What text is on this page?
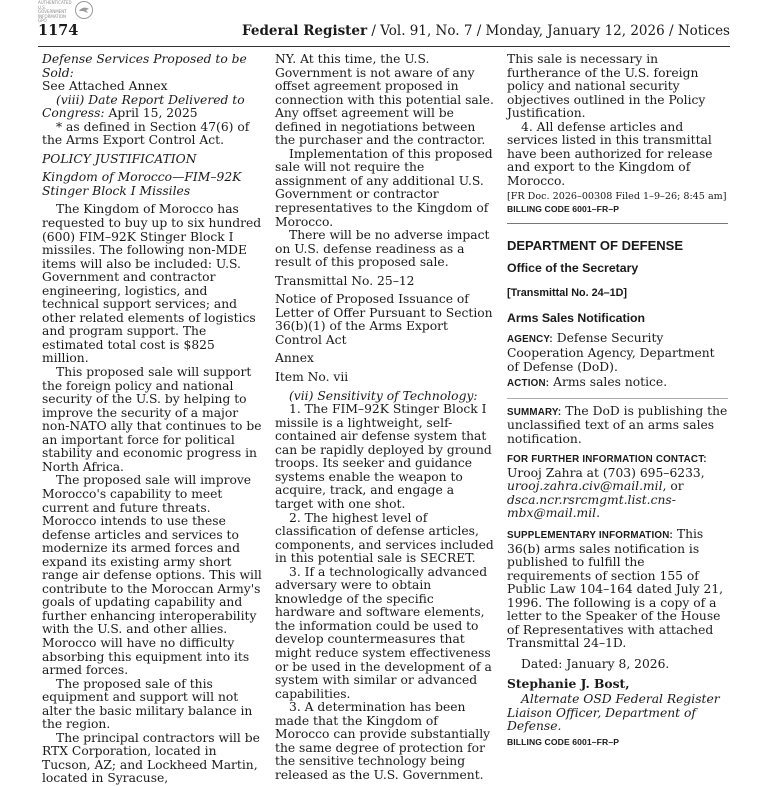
AUTHENTICATED U.S. GOVERNMENT INFORMATION GPO
1174	Federal Register / Vol. 91, No. 7 / Monday, January 12, 2026 / Notices

Defense Services Proposed to be Sold:
See Attached Annex

(viii) Date Report Delivered to Congress: April 15, 2025

* as defined in Section 47(6) of the Arms Export Control Act.

POLICY JUSTIFICATION

Kingdom of Morocco—FIM–92K Stinger Block I Missiles

The Kingdom of Morocco has requested to buy up to six hundred (600) FIM–92K Stinger Block I missiles. The following non-MDE items will also be included: U.S. Government and contractor engineering, logistics, and technical support services; and other related elements of logistics and program support. The estimated total cost is $825 million.

This proposed sale will support the foreign policy and national security of the U.S. by helping to improve the security of a major non-NATO ally that continues to be an important force for political stability and economic progress in North Africa.

The proposed sale will improve Morocco's capability to meet current and future threats. Morocco intends to use these defense articles and services to modernize its armed forces and expand its existing army short range air defense options. This will contribute to the Moroccan Army's goals of updating capability and further enhancing interoperability with the U.S. and other allies. Morocco will have no difficulty absorbing this equipment into its armed forces.

The proposed sale of this equipment and support will not alter the basic military balance in the region.

The principal contractors will be RTX Corporation, located in Tucson, AZ; and Lockheed Martin, located in Syracuse,

NY. At this time, the U.S. Government is not aware of any offset agreement proposed in connection with this potential sale. Any offset agreement will be defined in negotiations between the purchaser and the contractor.

Implementation of this proposed sale will not require the assignment of any additional U.S. Government or contractor representatives to the Kingdom of Morocco.

There will be no adverse impact on U.S. defense readiness as a result of this proposed sale.

Transmittal No. 25–12

Notice of Proposed Issuance of Letter of Offer Pursuant to Section 36(b)(1) of the Arms Export Control Act

Annex

Item No. vii

(vii) Sensitivity of Technology:

1. The FIM–92K Stinger Block I missile is a lightweight, self-contained air defense system that can be rapidly deployed by ground troops. Its seeker and guidance systems enable the weapon to acquire, track, and engage a target with one shot.

2. The highest level of classification of defense articles, components, and services included in this potential sale is SECRET.

3. If a technologically advanced adversary were to obtain knowledge of the specific hardware and software elements, the information could be used to develop countermeasures that might reduce system effectiveness or be used in the development of a system with similar or advanced capabilities.

3. A determination has been made that the Kingdom of Morocco can provide substantially the same degree of protection for the sensitive technology being released as the U.S. Government.

This sale is necessary in furtherance of the U.S. foreign policy and national security objectives outlined in the Policy Justification.

4. All defense articles and services listed in this transmittal have been authorized for release and export to the Kingdom of Morocco.

[FR Doc. 2026–00308 Filed 1–9–26; 8:45 am]

BILLING CODE 6001–FR–P

DEPARTMENT OF DEFENSE

Office of the Secretary

[Transmittal No. 24–1D]

Arms Sales Notification

AGENCY: Defense Security Cooperation Agency, Department of Defense (DoD).

ACTION: Arms sales notice.

SUMMARY: The DoD is publishing the unclassified text of an arms sales notification.

FOR FURTHER INFORMATION CONTACT:

Urooj Zahra at (703) 695–6233,
urooj.zahra.civ@mail.mil, or
dsca.ncr.rsrcmgmt.list.cns-mbx@mail.mil.

SUPPLEMENTARY INFORMATION: This 36(b) arms sales notification is published to fulfill the requirements of section 155 of Public Law 104–164 dated July 21, 1996. The following is a copy of a letter to the Speaker of the House of Representatives with attached Transmittal 24–1D.

Dated: January 8, 2026.

Stephanie J. Bost,

Alternate OSD Federal Register Liaison Officer, Department of Defense.

BILLING CODE 6001–FR–P
